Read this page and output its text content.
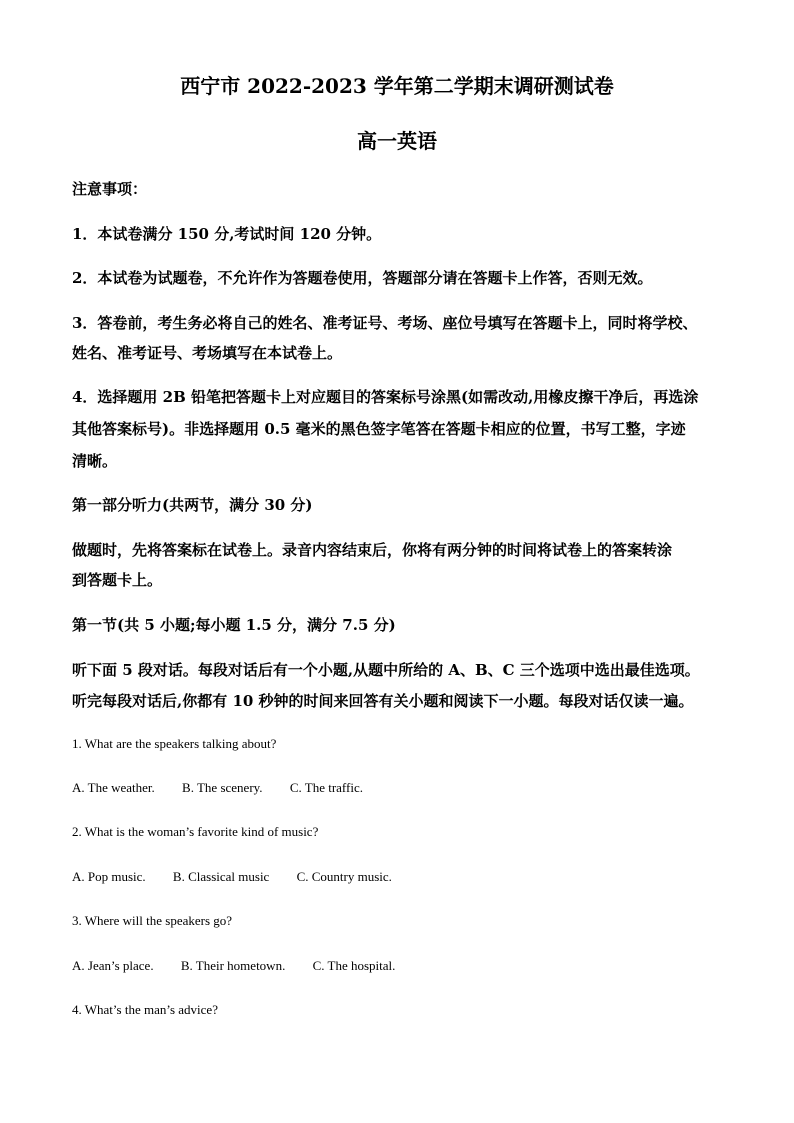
西宁市 2022-2023 学年第二学期末调研测试卷
高一英语
注意事项：
1．本试卷满分 150 分,考试时间 120 分钟。
2．本试卷为试题卷，不允许作为答题卷使用，答题部分请在答题卡上作答，否则无效。
3．答卷前，考生务必将自己的姓名、准考证号、考场、座位号填写在答题卡上，同时将学校、
姓名、准考证号、考场填写在本试卷上。
4．选择题用 2B 铅笔把答题卡上对应题目的答案标号涂黑(如需改动,用橡皮擦干净后，再选涂
其他答案标号)。非选择题用 0.5 毫米的黑色签字笔答在答题卡相应的位置，书写工整，字迹
清晰。
第一部分听力(共两节，满分 30 分)
做题时，先将答案标在试卷上。录音内容结束后，你将有两分钟的时间将试卷上的答案转涂
到答题卡上。
第一节(共 5 小题;每小题 1.5 分，满分 7.5 分)
听下面 5 段对话。每段对话后有一个小题,从题中所给的 A、B、C 三个选项中选出最佳选项。
听完每段对话后,你都有 10 秒钟的时间来回答有关小题和阅读下一小题。每段对话仅读一遍。
1. What are the speakers talking about?
A. The weather. B. The scenery. C. The traffic.
2. What is the woman’s favorite kind of music?
A. Pop music. B. Classical music C. Country music.
3. Where will the speakers go?
A. Jean’s place. B. Their hometown. C. The hospital.
4. What’s the man’s advice?
